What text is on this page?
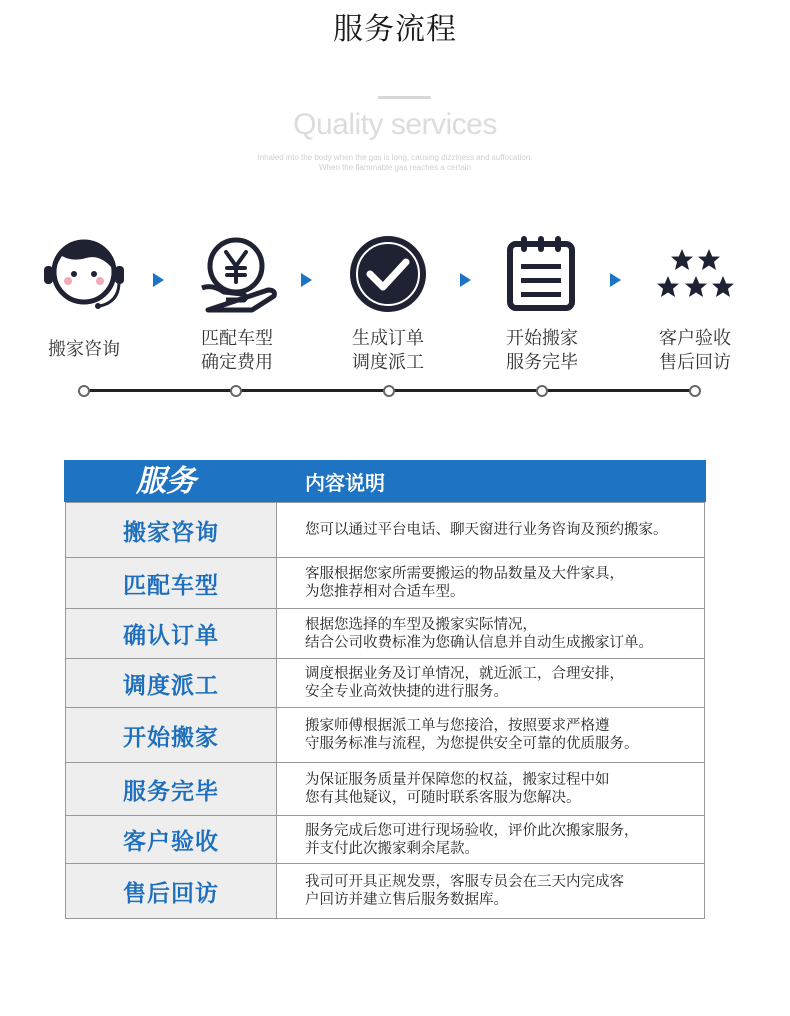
服务流程
Quality services
Inhaled into the body when the gas is long, causing dizziness and suffocation.
When the flammable gas reaches a certain
搬家咨询
匹配车型
确定费用
生成订单
调度派工
开始搬家
服务完毕
客户验收
售后回访
服务	内容说明
搬家咨询	您可以通过平台电话、聊天窗进行业务咨询及预约搬家。
匹配车型	客服根据您家所需要搬运的物品数量及大件家具，
为您推荐相对合适车型。
确认订单	根据您选择的车型及搬家实际情况，
结合公司收费标准为您确认信息并自动生成搬家订单。
调度派工	调度根据业务及订单情况，就近派工，合理安排，
安全专业高效快捷的进行服务。
开始搬家	搬家师傅根据派工单与您接洽，按照要求严格遵
守服务标准与流程，为您提供安全可靠的优质服务。
服务完毕	为保证服务质量并保障您的权益，搬家过程中如
您有其他疑议，可随时联系客服为您解决。
客户验收	服务完成后您可进行现场验收，评价此次搬家服务，
并支付此次搬家剩余尾款。
售后回访	我司可开具正规发票，客服专员会在三天内完成客
户回访并建立售后服务数据库。
